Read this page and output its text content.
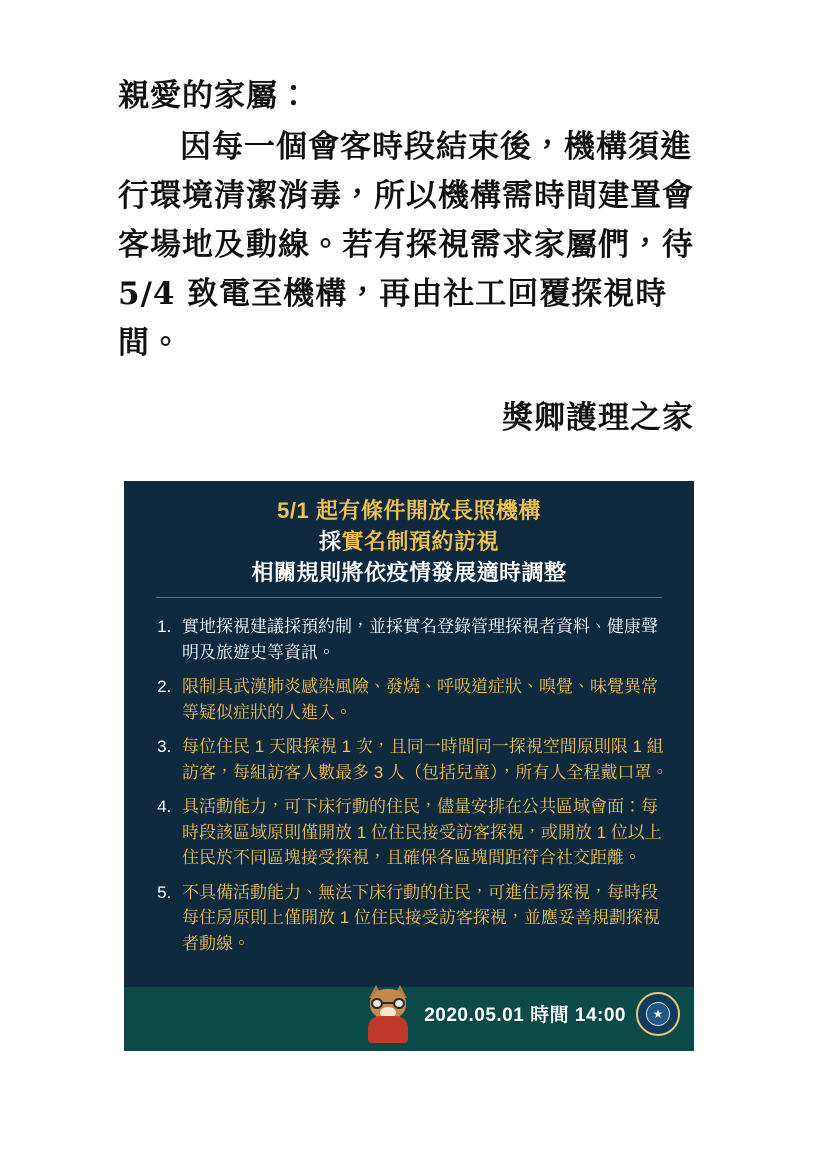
親愛的家屬：

因每一個會客時段結束後，機構須進行環境清潔消毒，所以機構需時間建置會客場地及動線。若有探視需求家屬們，待 5/4 致電至機構，再由社工回覆探視時間。

獎卿護理之家

5/1 起有條件開放長照機構
採實名制預約訪視
相關規則將依疫情發展適時調整
1. 實地探視建議採預約制，並採實名登錄管理探視者資料、健康聲明及旅遊史等資訊。
2. 限制具武漢肺炎感染風險、發燒、呼吸道症狀、嗅覺、味覺異常等疑似症狀的人進入。
3. 每位住民 1 天限探視 1 次，且同一時間同一探視空間原則限 1 組訪客，每組訪客人數最多 3 人（包括兒童），所有人全程戴口罩。
4. 具活動能力，可下床行動的住民，儘量安排在公共區域會面：每時段該區域原則僅開放 1 位住民接受訪客探視，或開放 1 位以上住民於不同區塊接受探視，且確保各區塊間距符合社交距離。
5. 不具備活動能力、無法下床行動的住民，可進住房探視，每時段每住房原則上僅開放 1 位住民接受訪客探視，並應妥善規劃探視者動線。
2020.05.01 時間 14:00 ★
